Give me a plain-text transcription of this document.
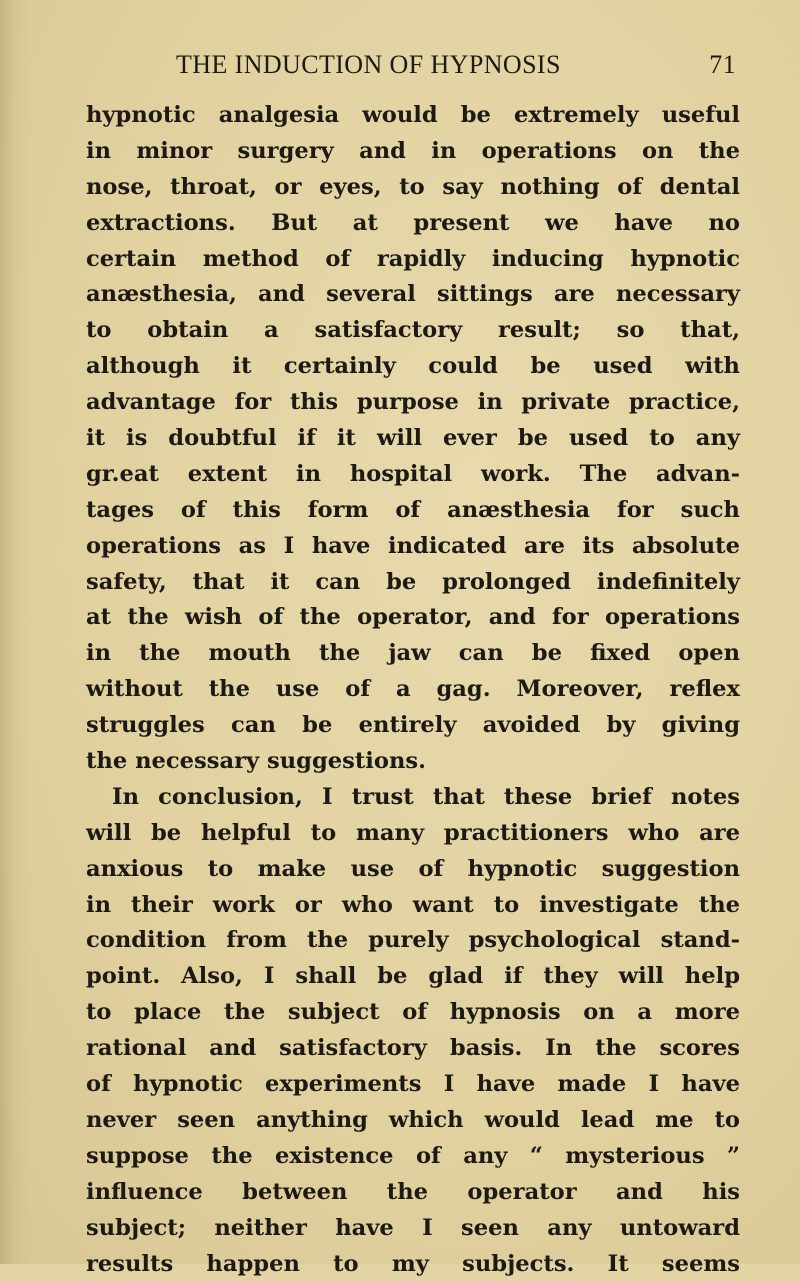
THE INDUCTION OF HYPNOSIS	71
hypnotic analgesia would be extremely useful
in minor surgery and in operations on the
nose, throat, or eyes, to say nothing of dental
extractions. But at present we have no
certain method of rapidly inducing hypnotic
anæsthesia, and several sittings are necessary
to obtain a satisfactory result; so that,
although it certainly could be used with
advantage for this purpose in private practice,
it is doubtful if it will ever be used to any
gr.eat extent in hospital work. The advan-
tages of this form of anæsthesia for such
operations as I have indicated are its absolute
safety, that it can be prolonged indefinitely
at the wish of the operator, and for operations
in the mouth the jaw can be fixed open
without the use of a gag. Moreover, reflex
struggles can be entirely avoided by giving
the necessary suggestions.
In conclusion, I trust that these brief notes
will be helpful to many practitioners who are
anxious to make use of hypnotic suggestion
in their work or who want to investigate the
condition from the purely psychological stand-
point. Also, I shall be glad if they will help
to place the subject of hypnosis on a more
rational and satisfactory basis. In the scores
of hypnotic experiments I have made I have
never seen anything which would lead me to
suppose the existence of any “ mysterious ”
influence between the operator and his
subject; neither have I seen any untoward
results happen to my subjects. It seems
